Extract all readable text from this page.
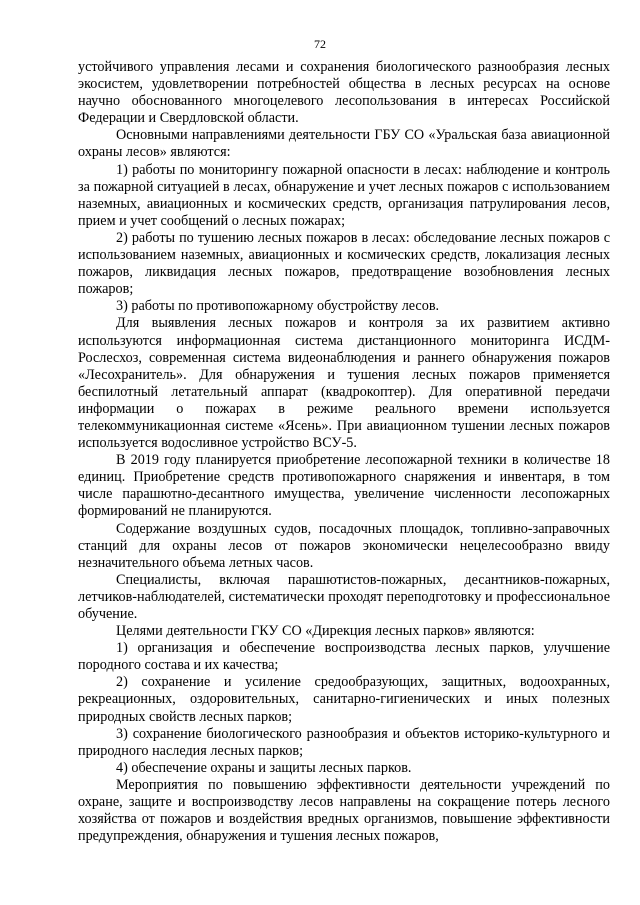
72

устойчивого управления лесами и сохранения биологического разнообразия лесных экосистем, удовлетворении потребностей общества в лесных ресурсах на основе научно обоснованного многоцелевого лесопользования в интересах Российской Федерации и Свердловской области.

Основными направлениями деятельности ГБУ СО «Уральская база авиационной охраны лесов» являются:

1) работы по мониторингу пожарной опасности в лесах: наблюдение и контроль за пожарной ситуацией в лесах, обнаружение и учет лесных пожаров с использованием наземных, авиационных и космических средств, организация патрулирования лесов, прием и учет сообщений о лесных пожарах;

2) работы по тушению лесных пожаров в лесах: обследование лесных пожаров с использованием наземных, авиационных и космических средств, локализация лесных пожаров, ликвидация лесных пожаров, предотвращение возобновления лесных пожаров;

3) работы по противопожарному обустройству лесов.

Для выявления лесных пожаров и контроля за их развитием активно используются информационная система дистанционного мониторинга ИСДМ-Рослесхоз, современная система видеонаблюдения и раннего обнаружения пожаров «Лесохранитель». Для обнаружения и тушения лесных пожаров применяется беспилотный летательный аппарат (квадрокоптер). Для оперативной передачи информации о пожарах в режиме реального времени используется телекоммуникационная системе «Ясень». При авиационном тушении лесных пожаров используется водосливное устройство ВСУ-5.

В 2019 году планируется приобретение лесопожарной техники в количестве 18 единиц. Приобретение средств противопожарного снаряжения и инвентаря, в том числе парашютно-десантного имущества, увеличение численности лесопожарных формирований не планируются.

Содержание воздушных судов, посадочных площадок, топливно-заправочных станций для охраны лесов от пожаров экономически нецелесообразно ввиду незначительного объема летных часов.

Специалисты, включая парашютистов-пожарных, десантников-пожарных, летчиков-наблюдателей, систематически проходят переподготовку и профессиональное обучение.

Целями деятельности ГКУ СО «Дирекция лесных парков» являются:

1) организация и обеспечение воспроизводства лесных парков, улучшение породного состава и их качества;

2) сохранение и усиление средообразующих, защитных, водоохранных, рекреационных, оздоровительных, санитарно-гигиенических и иных полезных природных свойств лесных парков;

3) сохранение биологического разнообразия и объектов историко-культурного и природного наследия лесных парков;

4) обеспечение охраны и защиты лесных парков.

Мероприятия по повышению эффективности деятельности учреждений по охране, защите и воспроизводству лесов направлены на сокращение потерь лесного хозяйства от пожаров и воздействия вредных организмов, повышение эффективности предупреждения, обнаружения и тушения лесных пожаров,
